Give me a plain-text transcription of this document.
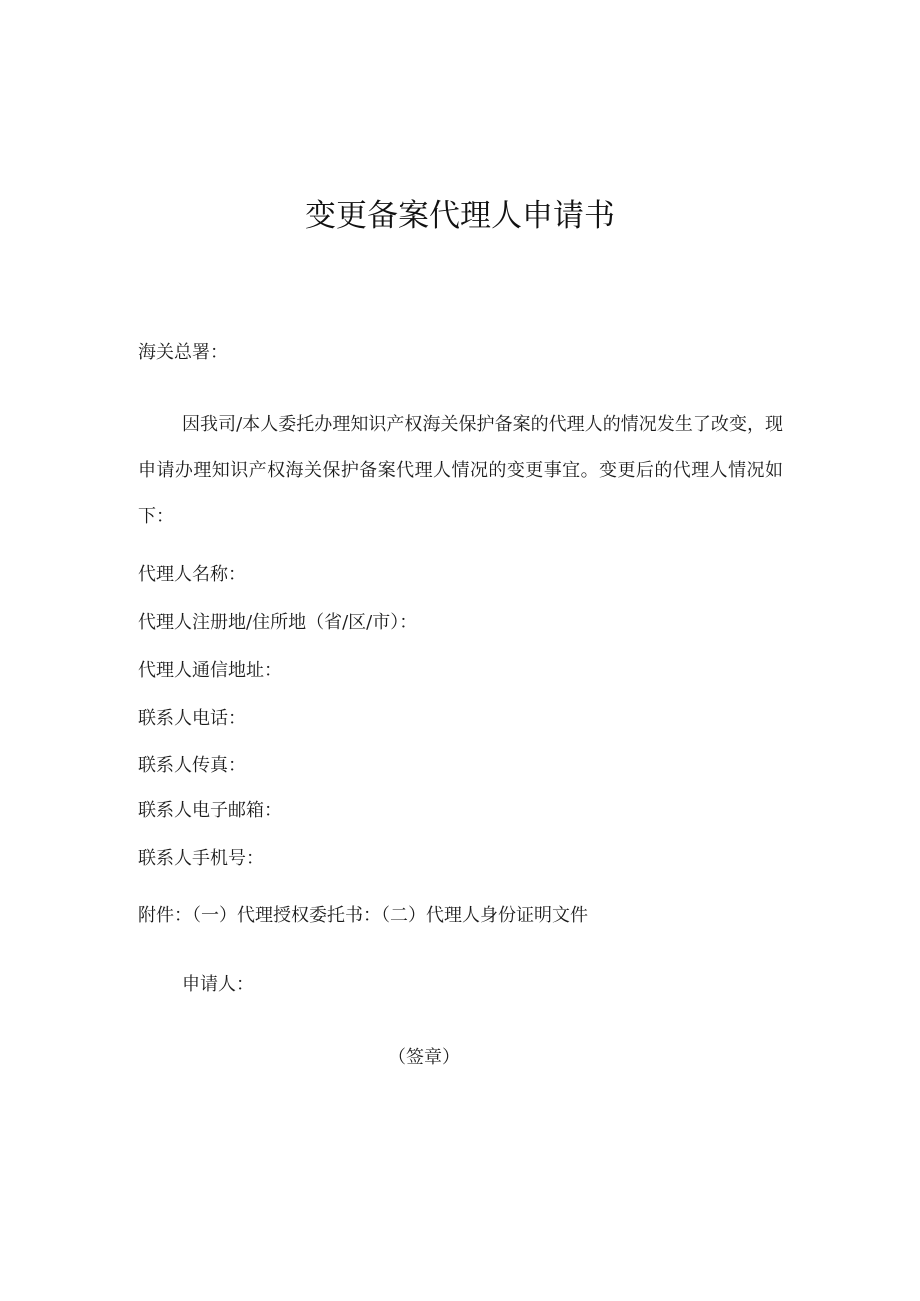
变更备案代理人申请书
海关总署：
因我司/本人委托办理知识产权海关保护备案的代理人的情况发生了改变，现申请办理知识产权海关保护备案代理人情况的变更事宜。变更后的代理人情况如下：
代理人名称：
代理人注册地/住所地（省/区/市）：
代理人通信地址：
联系人电话：
联系人传真：
联系人电子邮箱：
联系人手机号：
附件：（一）代理授权委托书：（二）代理人身份证明文件
申请人：
（签章）
